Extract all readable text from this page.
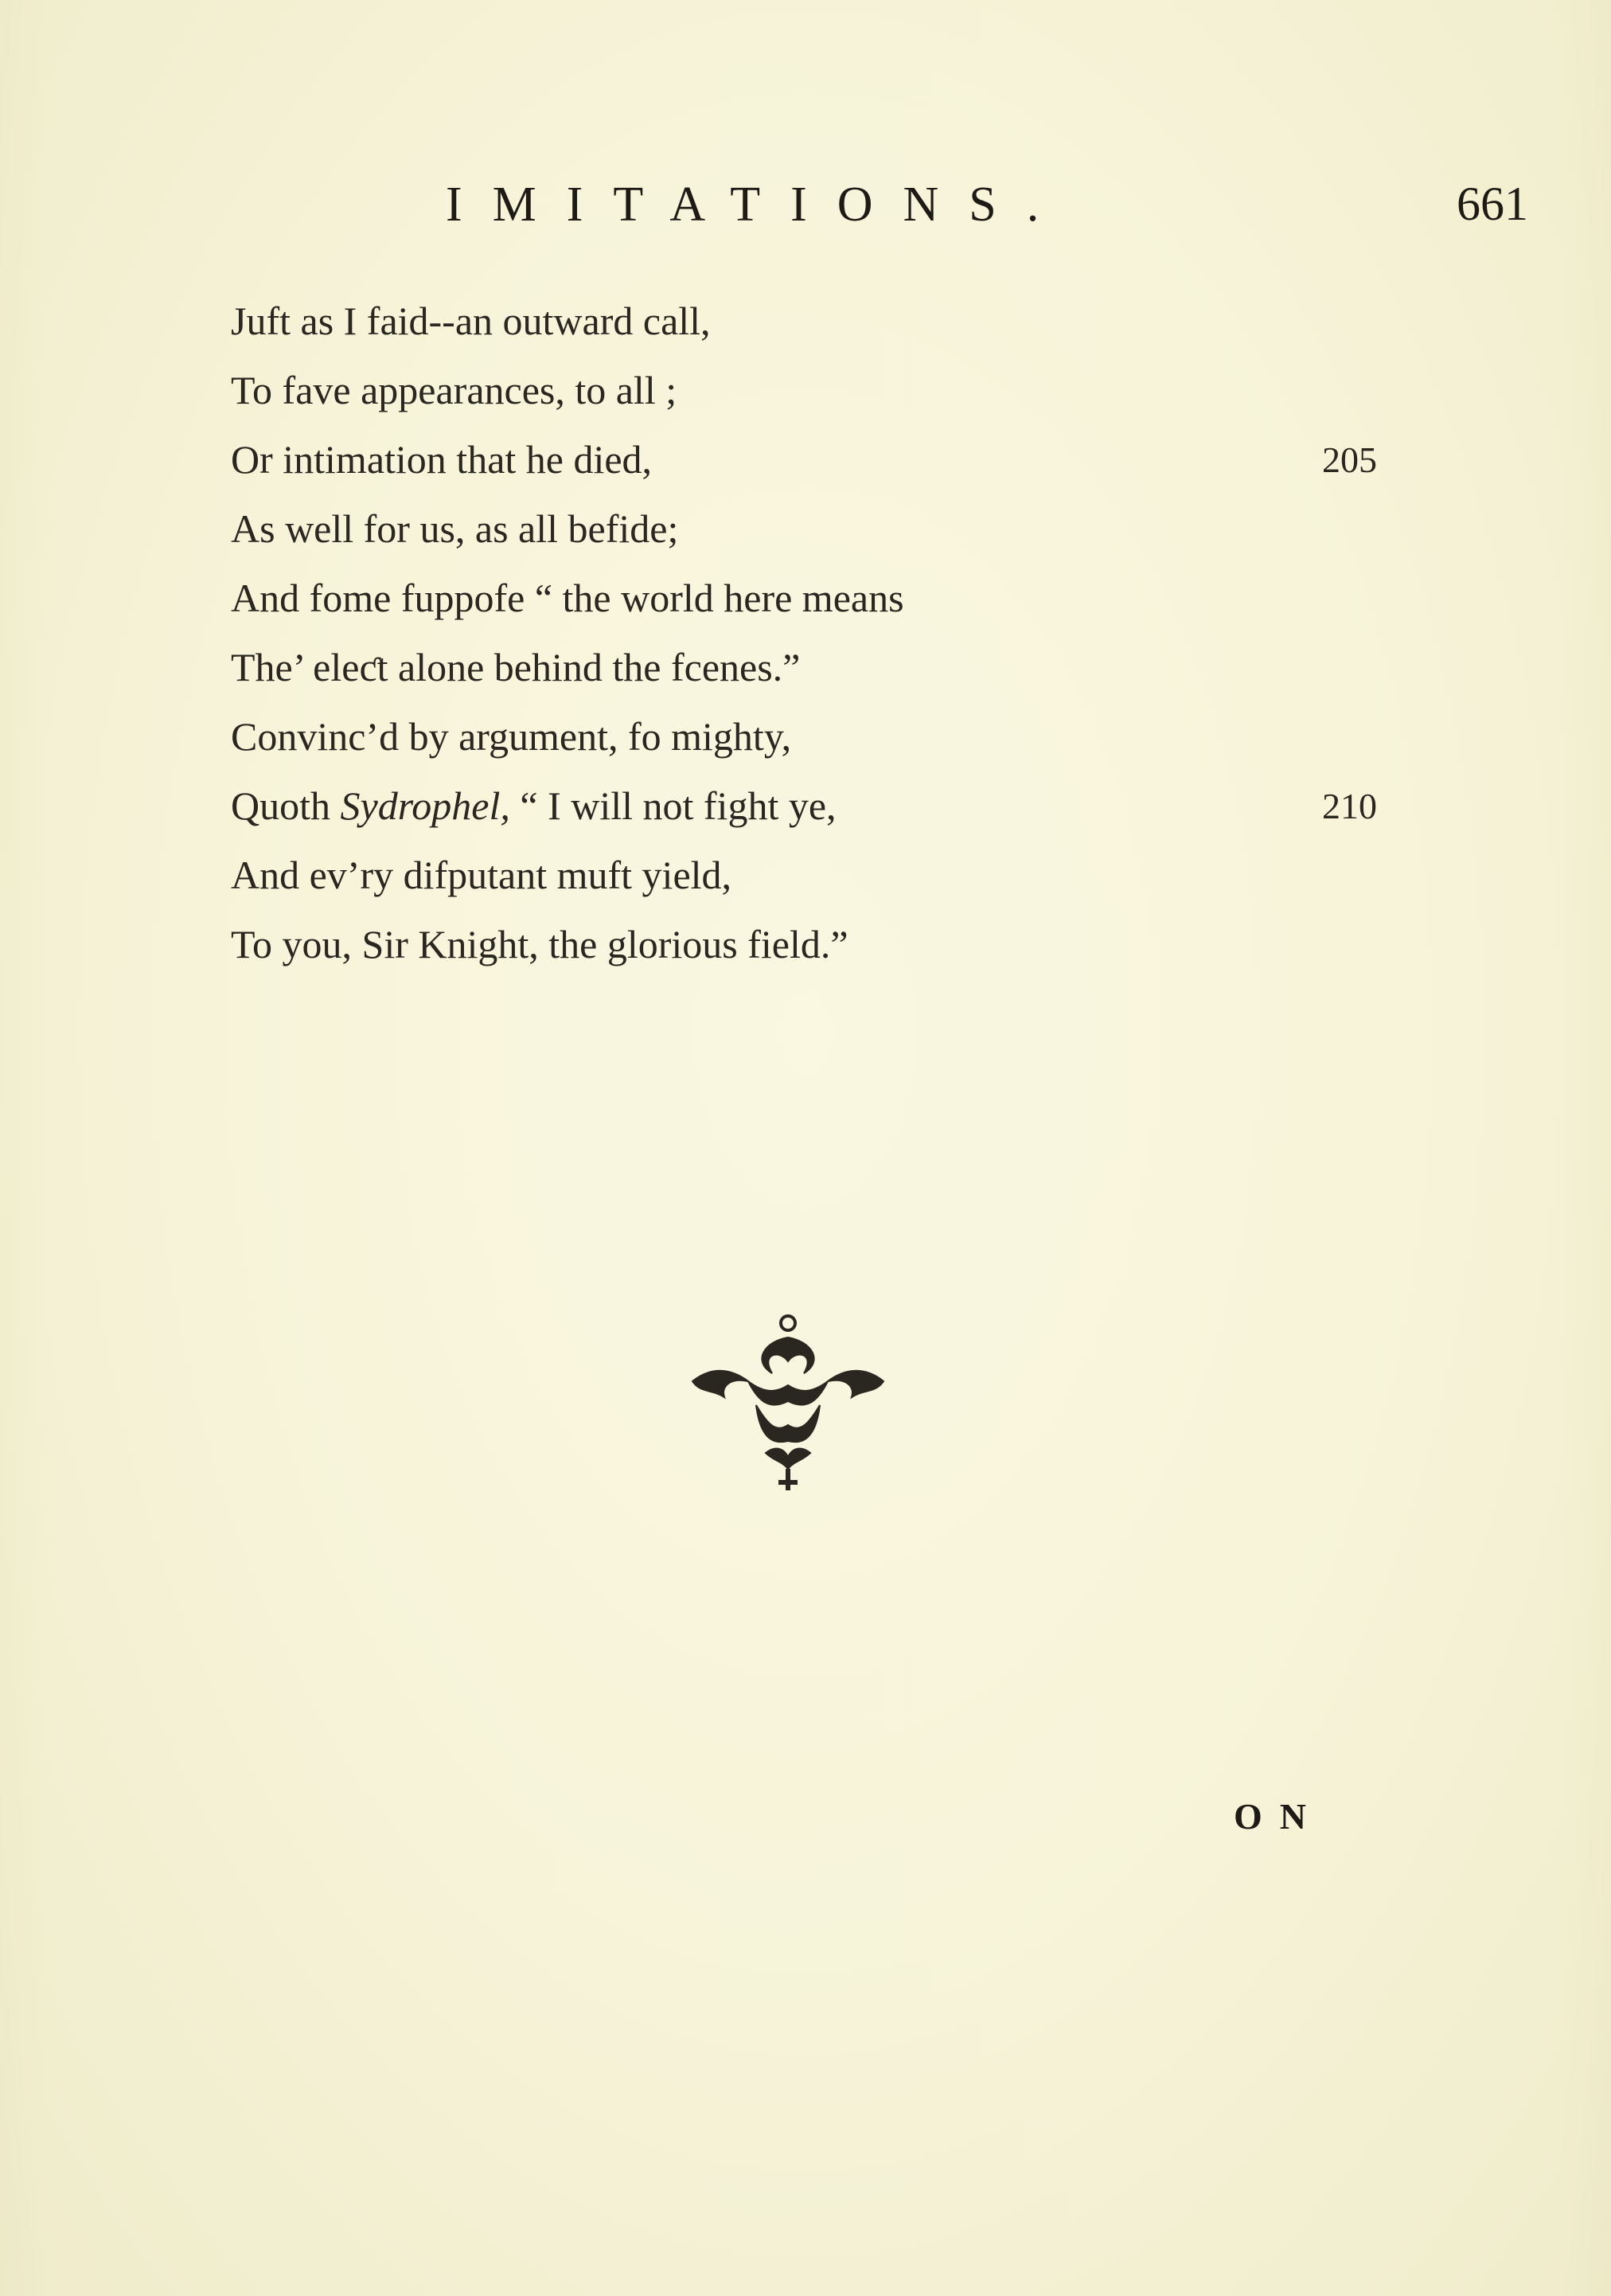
IMITATIONS.	661
Juft as I faid--an outward call,
To fave appearances, to all ;
Or intimation that he died,	205
As well for us, as all befide;
And fome fuppofe “ the world here means
The’ eleƈt alone behind the fcenes.”
Convinc’d by argument, fo mighty,
Quoth Sydrophel, “ I will not fight ye,	210
And ev’ry difputant muft yield,
To you, Sir Knight, the glorious field.”
ON
